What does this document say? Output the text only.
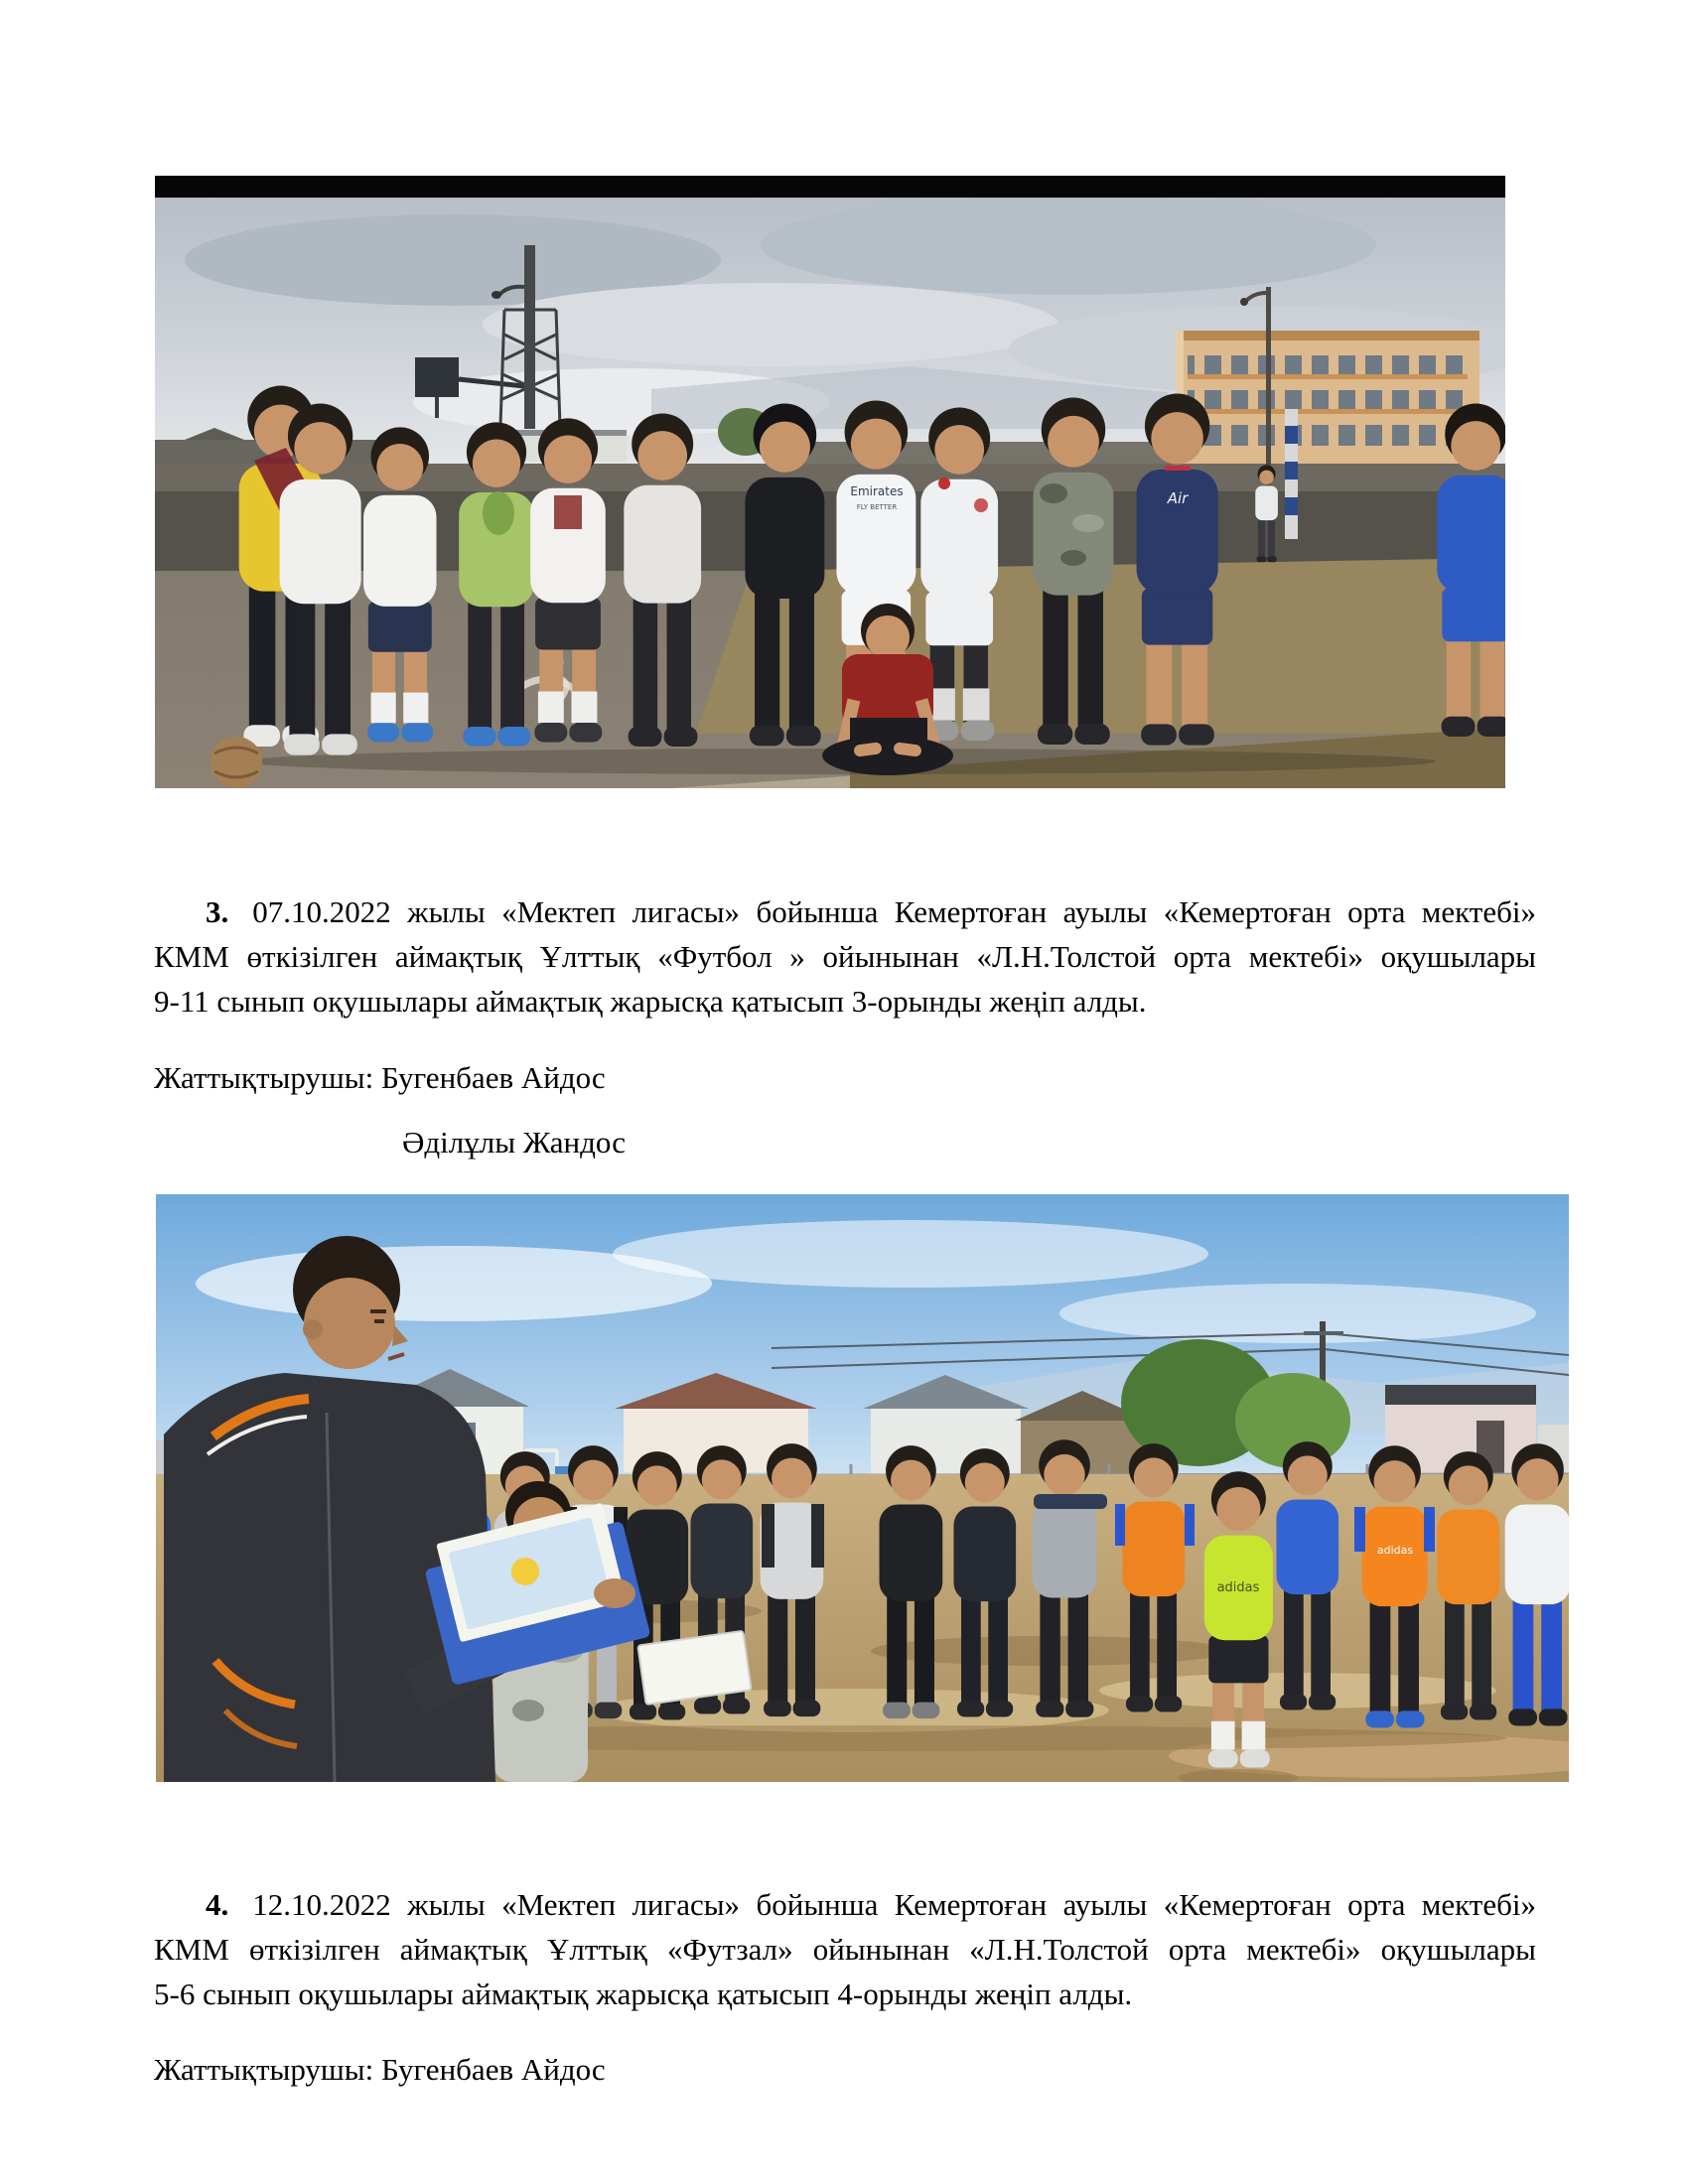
Emirates
FLY BETTER	Air
adidas
adidas
3. 07.10.2022 жылы «Мектеп лигасы» бойынша Кемертоған ауылы «Кемертоған орта мектебі»
КММ өткізілген аймақтық Ұлттық «Футбол » ойынынан «Л.Н.Толстой орта мектебі» оқушылары
9-11 сынып оқушылары аймақтық жарысқа қатысып 3-орынды жеңіп алды.
Жаттықтырушы: Бугенбаев Айдос
Әділұлы Жандос
4. 12.10.2022 жылы «Мектеп лигасы» бойынша Кемертоған ауылы «Кемертоған орта мектебі»
КММ өткізілген аймақтық Ұлттық «Футзал» ойынынан «Л.Н.Толстой орта мектебі» оқушылары
5-6 сынып оқушылары аймақтық жарысқа қатысып 4-орынды жеңіп алды.
Жаттықтырушы: Бугенбаев Айдос
